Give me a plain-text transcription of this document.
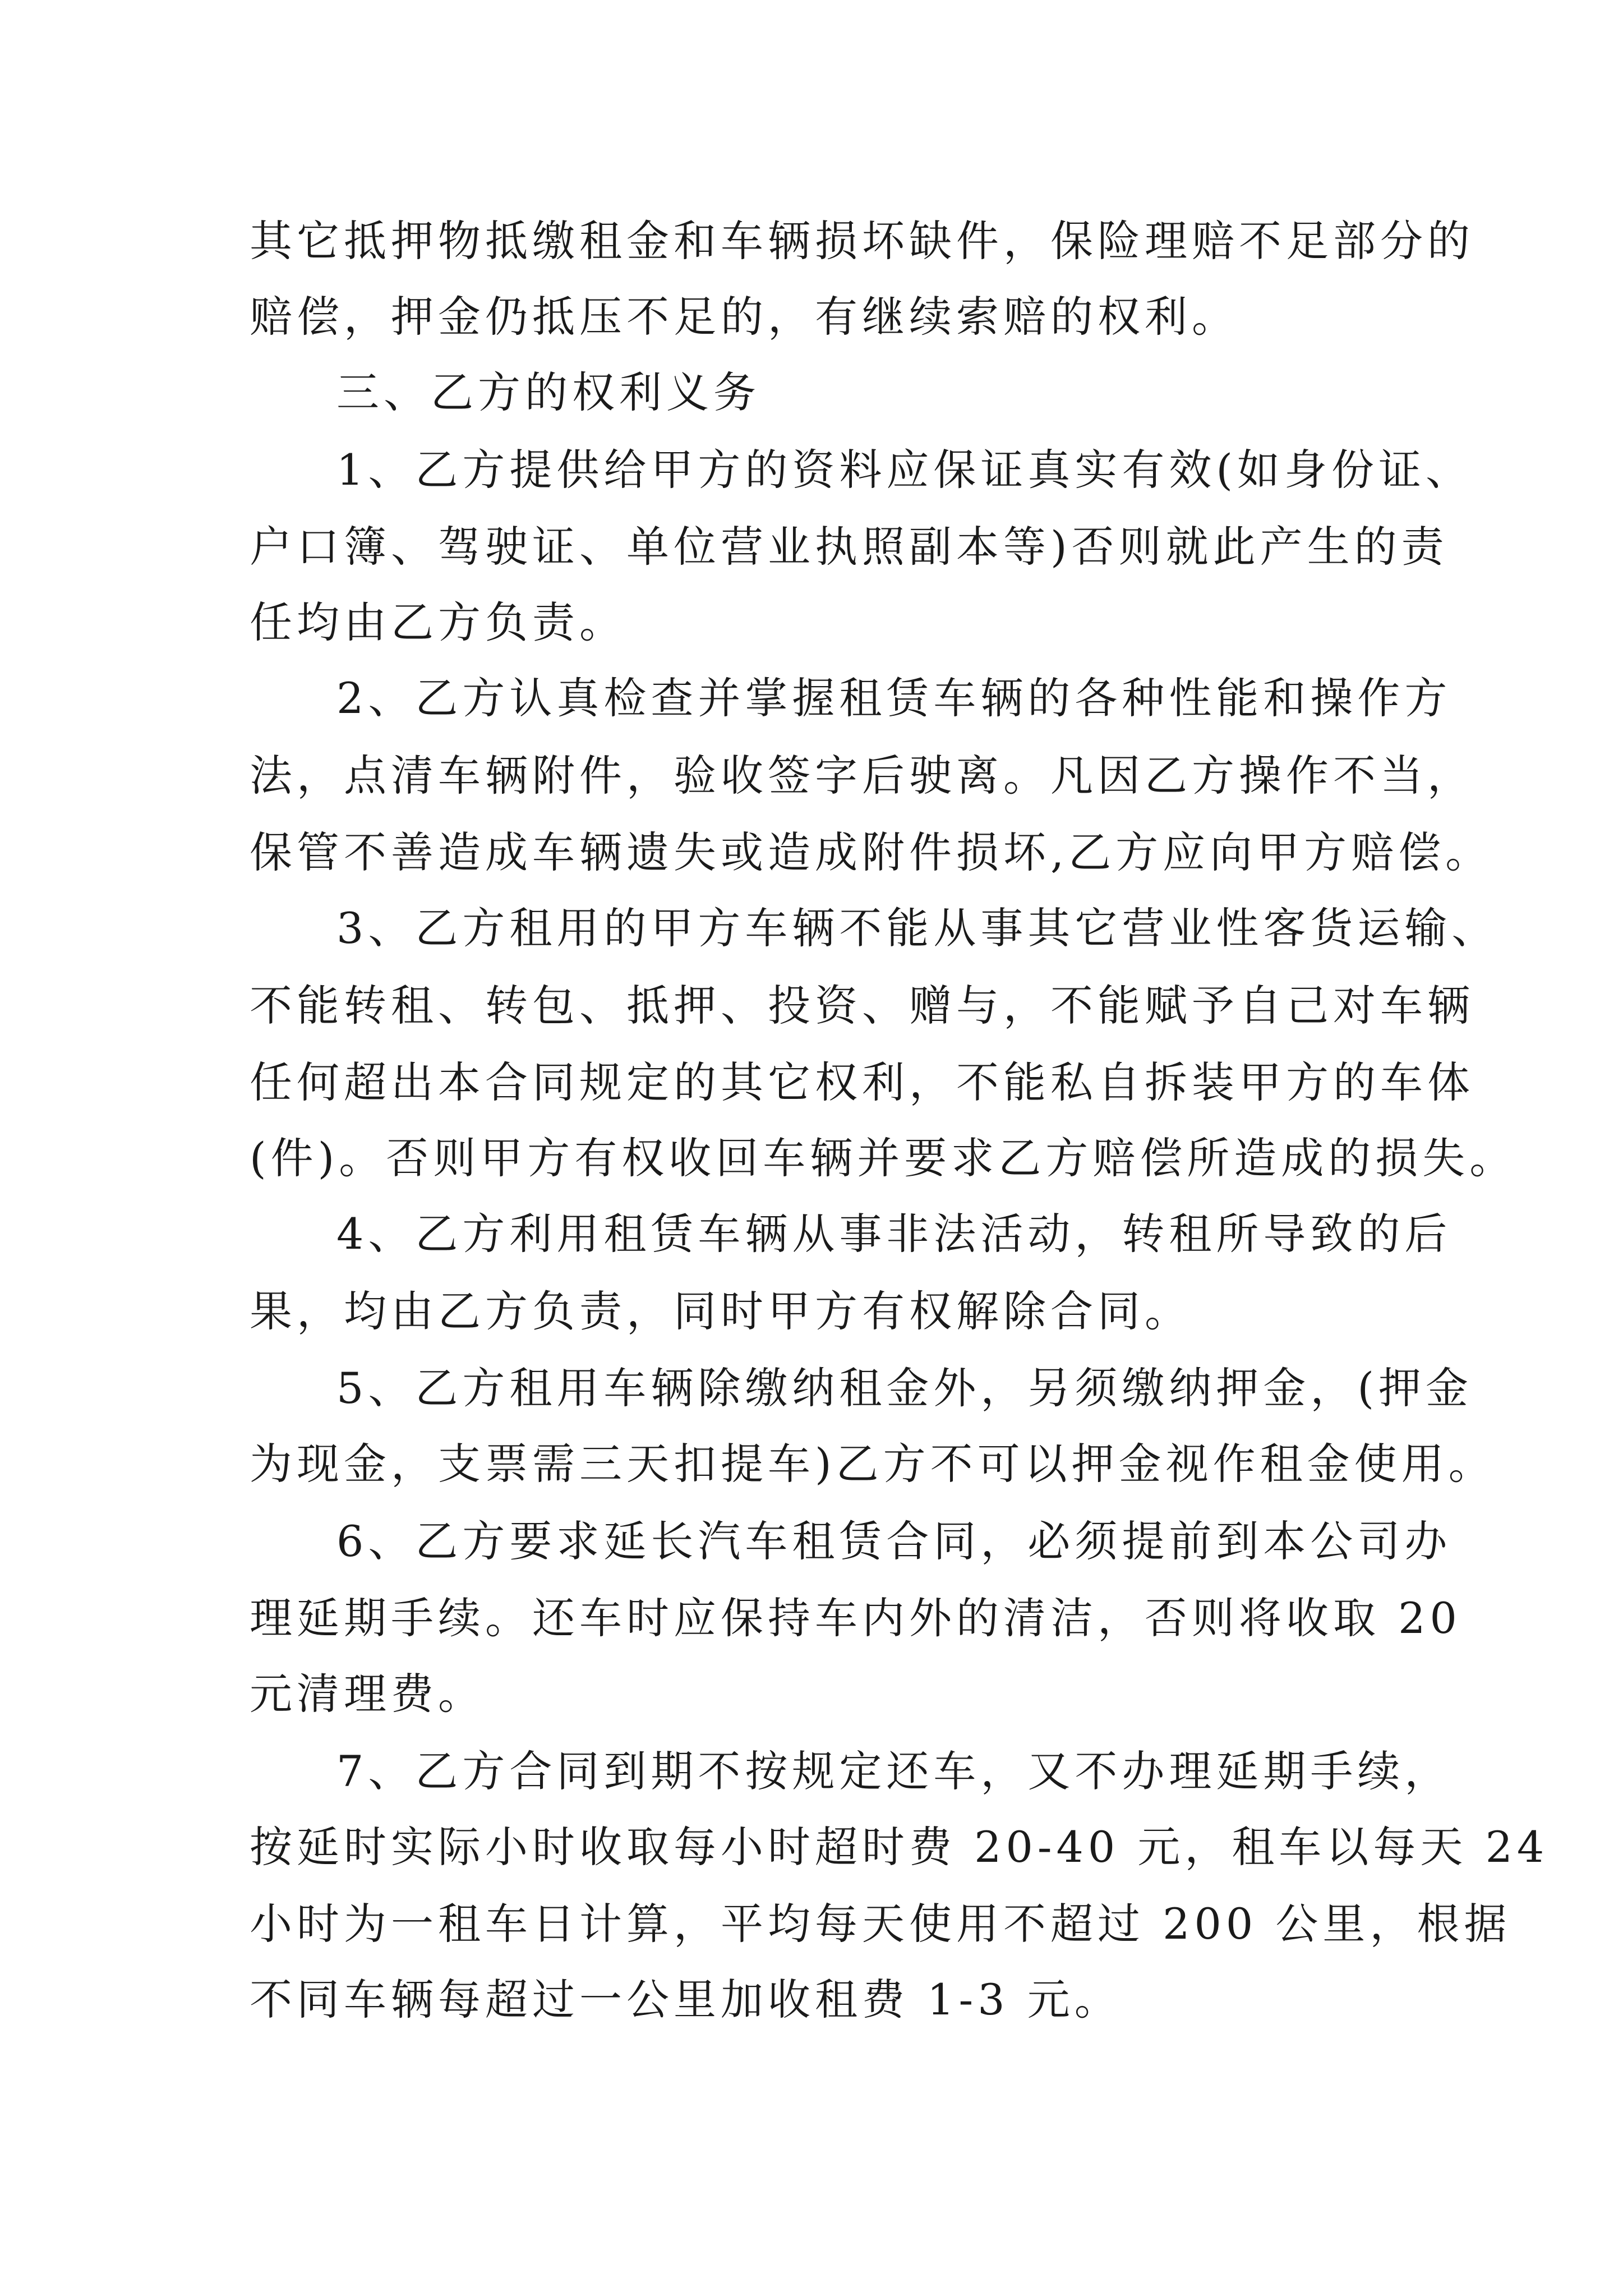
其它抵押物抵缴租金和车辆损坏缺件，保险理赔不足部分的
赔偿，押金仍抵压不足的，有继续索赔的权利。
三、乙方的权利义务
1、乙方提供给甲方的资料应保证真实有效(如身份证、
户口簿、驾驶证、单位营业执照副本等)否则就此产生的责
任均由乙方负责。
2、乙方认真检查并掌握租赁车辆的各种性能和操作方
法，点清车辆附件，验收签字后驶离。凡因乙方操作不当，
保管不善造成车辆遗失或造成附件损坏,乙方应向甲方赔偿。
3、乙方租用的甲方车辆不能从事其它营业性客货运输、
不能转租、转包、抵押、投资、赠与，不能赋予自己对车辆
任何超出本合同规定的其它权利，不能私自拆装甲方的车体
(件)。否则甲方有权收回车辆并要求乙方赔偿所造成的损失。
4、乙方利用租赁车辆从事非法活动，转租所导致的后
果，均由乙方负责，同时甲方有权解除合同。
5、乙方租用车辆除缴纳租金外，另须缴纳押金，(押金
为现金，支票需三天扣提车)乙方不可以押金视作租金使用。
6、乙方要求延长汽车租赁合同，必须提前到本公司办
理延期手续。还车时应保持车内外的清洁，否则将收取 20
元清理费。
7、乙方合同到期不按规定还车，又不办理延期手续，
按延时实际小时收取每小时超时费 20-40 元，租车以每天 24
小时为一租车日计算，平均每天使用不超过 200 公里，根据
不同车辆每超过一公里加收租费 1-3 元。
